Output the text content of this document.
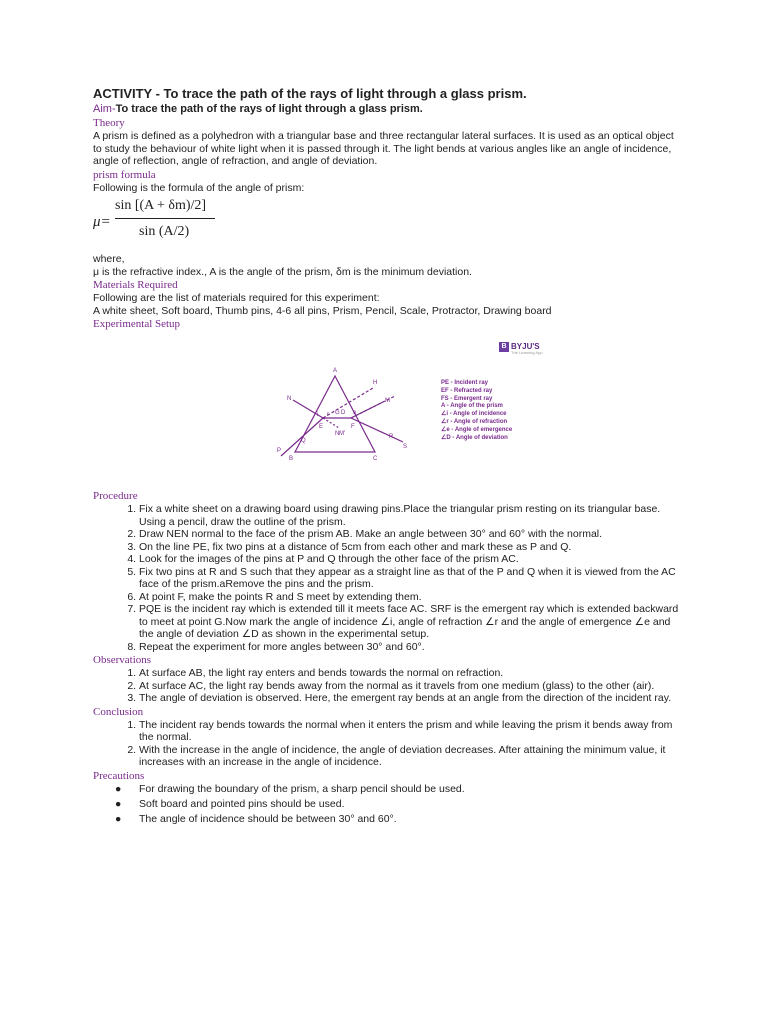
ACTIVITY - To trace the path of the rays of light through a glass prism.

Aim-To trace the path of the rays of light through a glass prism.

Theory

A prism is defined as a polyhedron with a triangular base and three rectangular lateral surfaces. It is used as an optical object to study the behaviour of white light when it is passed through it. The light bends at various angles like an angle of incidence, angle of reflection, angle of refraction, and angle of deviation.

prism formula

Following is the formula of the angle of prism:

μ=
sin [(A + δm)/2]
sin (A/2)

where,

μ is the refractive index., A is the angle of the prism, δm is the minimum deviation.

Materials Required

Following are the list of materials required for this experiment:

A white sheet, Soft board, Thumb pins, 4-6 all pins, Prism, Pencil, Scale, Protractor, Drawing board

Experimental Setup

A
B	C
N
N'
M
M'
P
Q
R
S
E	F
G
H
D
i r	e
B BYJU'S
The Learning App
PE - Incident ray
EF - Refracted ray
FS - Emergent ray
A - Angle of the prism
∠i - Angle of incidence
∠r - Angle of refraction
∠e - Angle of emergence
∠D - Angle of deviation

Procedure

1. Fix a white sheet on a drawing board using drawing pins.Place the triangular prism resting on its triangular base. Using a pencil, draw the outline of the prism.
2. Draw NEN normal to the face of the prism AB. Make an angle between 30° and 60° with the normal.
3. On the line PE, fix two pins at a distance of 5cm from each other and mark these as P and Q.
4. Look for the images of the pins at P and Q through the other face of the prism AC.
5. Fix two pins at R and S such that they appear as a straight line as that of the P and Q when it is viewed from the AC face of the prism.aRemove the pins and the prism.
6. At point F, make the points R and S meet by extending them.
7. PQE is the incident ray which is extended till it meets face AC. SRF is the emergent ray which is extended backward to meet at point G.Now mark the angle of incidence ∠i, angle of refraction ∠r and the angle of emergence ∠e and the angle of deviation ∠D as shown in the experimental setup.
8. Repeat the experiment for more angles between 30° and 60°.

Observations

1. At surface AB, the light ray enters and bends towards the normal on refraction.
2. At surface AC, the light ray bends away from the normal as it travels from one medium (glass) to the other (air).
3. The angle of deviation is observed. Here, the emergent ray bends at an angle from the direction of the incident ray.

Conclusion

1. The incident ray bends towards the normal when it enters the prism and while leaving the prism it bends away from the normal.
2. With the increase in the angle of incidence, the angle of deviation decreases. After attaining the minimum value, it increases with an increase in the angle of incidence.

Precautions

● For drawing the boundary of the prism, a sharp pencil should be used.
● Soft board and pointed pins should be used.
● The angle of incidence should be between 30° and 60°.
